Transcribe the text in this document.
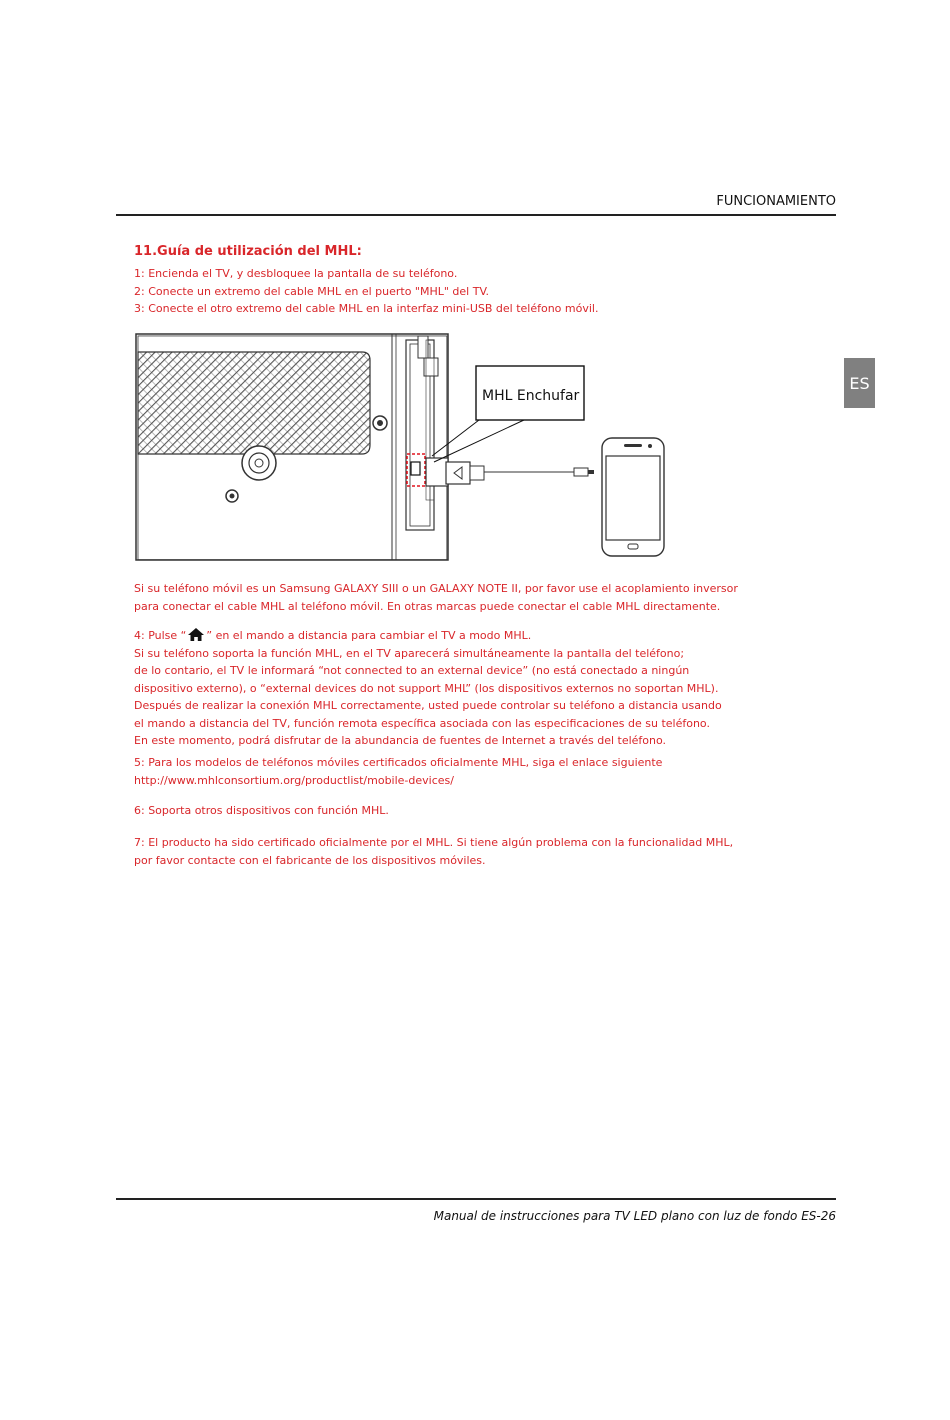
FUNCIONAMIENTO
ES
11.Guía de utilización del MHL:
1: Encienda el TV, y desbloquee la pantalla de su teléfono.
2: Conecte un extremo del cable MHL en el puerto "MHL" del TV.
3: Conecte el otro extremo del cable MHL en la interfaz mini-USB del teléfono móvil.
MHL Enchufar
Si su teléfono móvil es un Samsung GALAXY SIII o un GALAXY NOTE II, por favor use el acoplamiento inversor
para conectar el cable MHL al teléfono móvil. En otras marcas puede conectar el cable MHL directamente.
4: Pulse “ ” en el mando a distancia para cambiar el TV a modo MHL.
Si su teléfono soporta la función MHL, en el TV aparecerá simultáneamente la pantalla del teléfono;
de lo contario, el TV le informará “not connected to an external device” (no está conectado a ningún
dispositivo externo), o “external devices do not support MHL” (los dispositivos externos no soportan MHL).
Después de realizar la conexión MHL correctamente, usted puede controlar su teléfono a distancia usando
el mando a distancia del TV, función remota específica asociada con las especificaciones de su teléfono.
En este momento, podrá disfrutar de la abundancia de fuentes de Internet a través del teléfono.
5: Para los modelos de teléfonos móviles certificados oficialmente MHL, siga el enlace siguiente
http://www.mhlconsortium.org/productlist/mobile-devices/
6: Soporta otros dispositivos con función MHL.
7: El producto ha sido certificado oficialmente por el MHL. Si tiene algún problema con la funcionalidad MHL,
por favor contacte con el fabricante de los dispositivos móviles.
Manual de instrucciones para TV LED plano con luz de fondo ES-26
